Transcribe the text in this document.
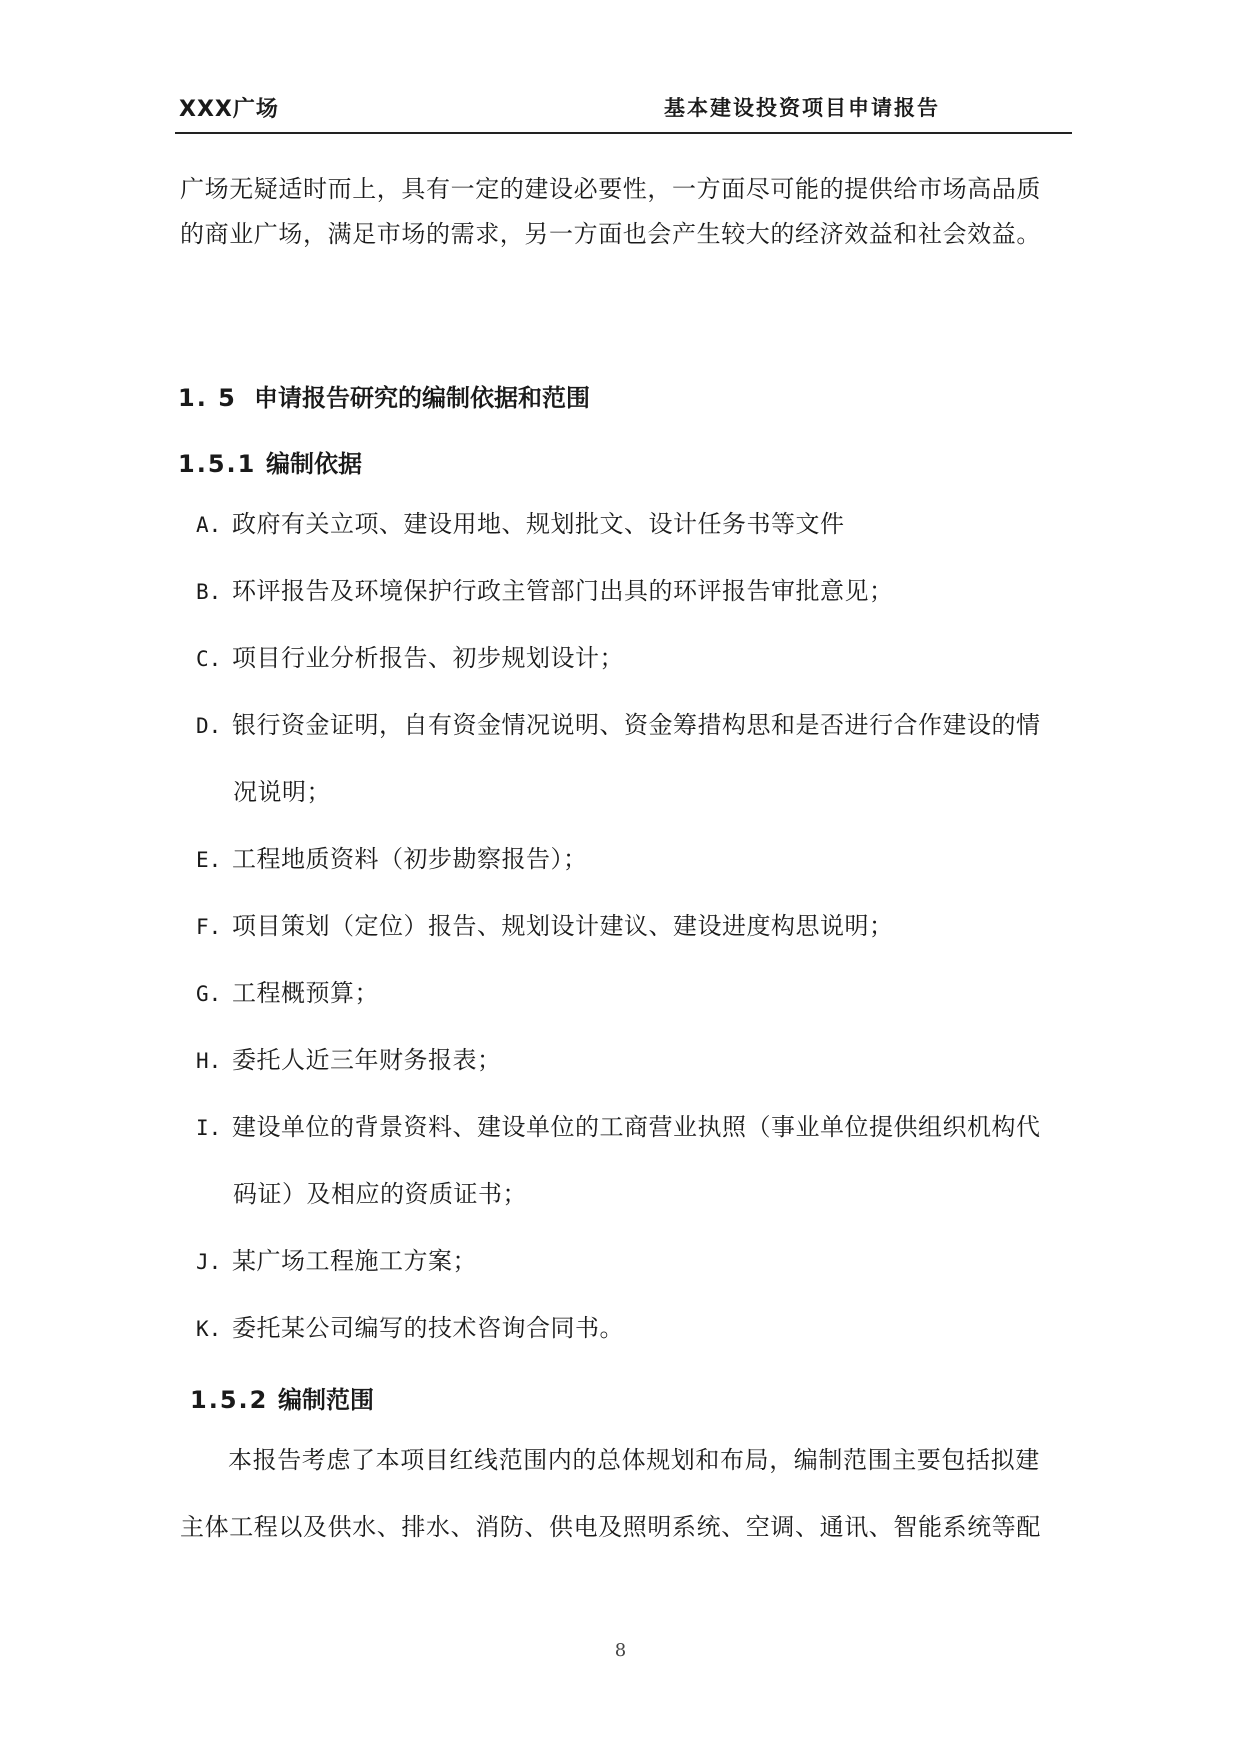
XXX广场	基本建设投资项目申请报告
广场无疑适时而上，具有一定的建设必要性，一方面尽可能的提供给市场高品质
的商业广场，满足市场的需求，另一方面也会产生较大的经济效益和社会效益。
1. 5 申请报告研究的编制依据和范围
1.5.1 编制依据
A. 政府有关立项、建设用地、规划批文、设计任务书等文件
B. 环评报告及环境保护行政主管部门出具的环评报告审批意见；
C. 项目行业分析报告、初步规划设计；
D. 银行资金证明，自有资金情况说明、资金筹措构思和是否进行合作建设的情
况说明；
E. 工程地质资料（初步勘察报告）；
F. 项目策划（定位）报告、规划设计建议、建设进度构思说明；
G. 工程概预算；
H. 委托人近三年财务报表；
I. 建设单位的背景资料、建设单位的工商营业执照（事业单位提供组织机构代
码证）及相应的资质证书；
J. 某广场工程施工方案；
K. 委托某公司编写的技术咨询合同书。
1.5.2 编制范围
本报告考虑了本项目红线范围内的总体规划和布局，编制范围主要包括拟建
主体工程以及供水、排水、消防、供电及照明系统、空调、通讯、智能系统等配
8
